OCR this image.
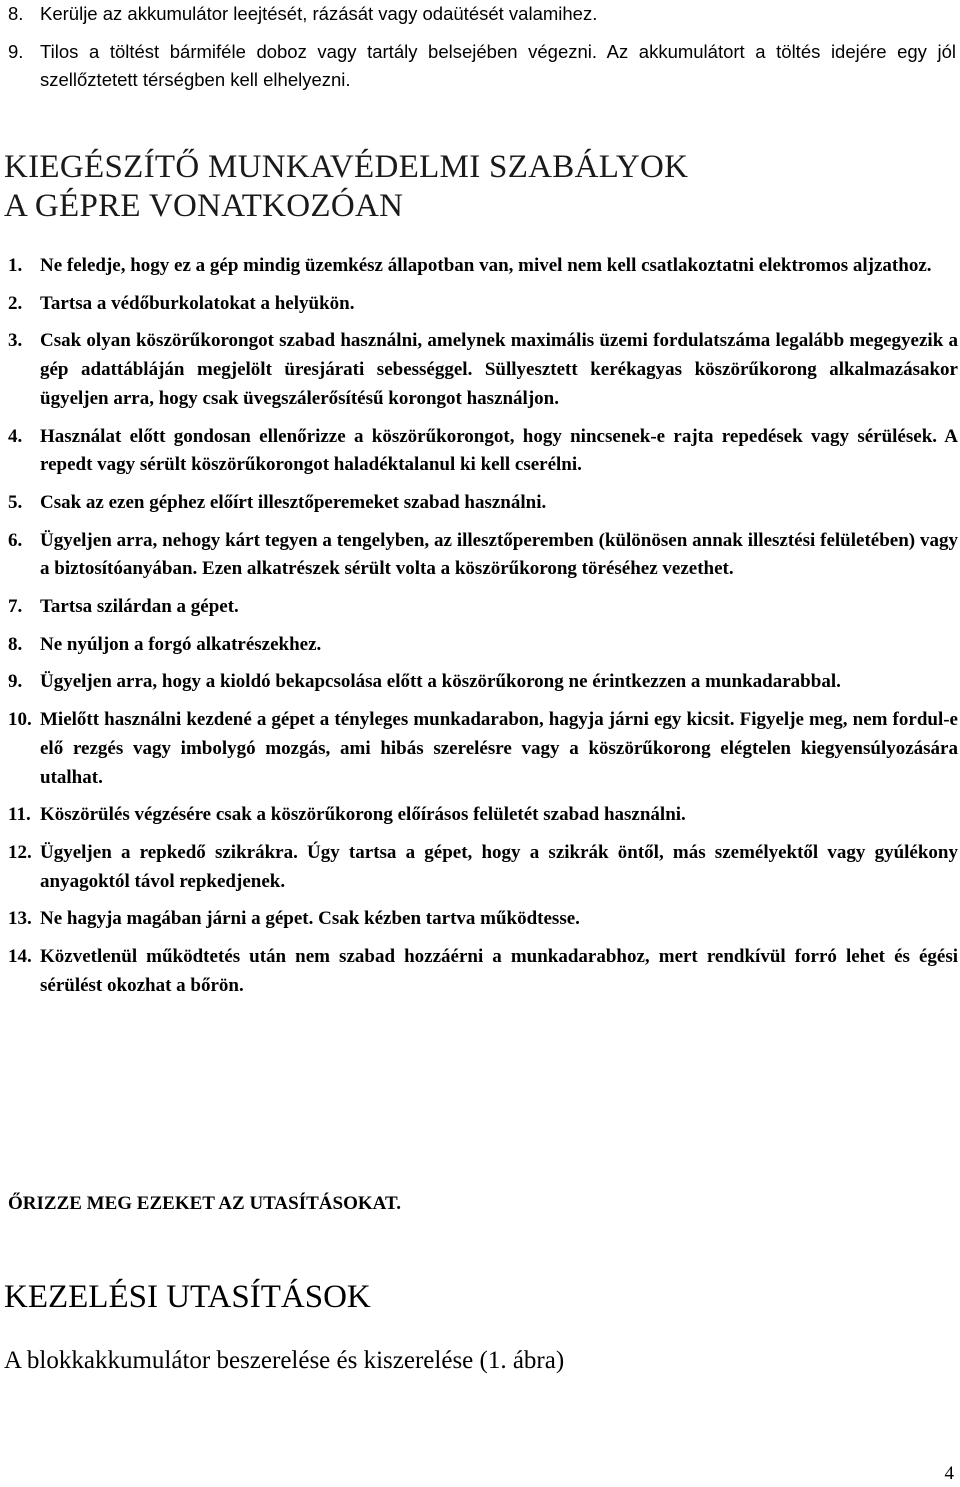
8. Kerülje az akkumulátor leejtését, rázását vagy odaütését valamihez.
9. Tilos a töltést bármiféle doboz vagy tartály belsejében végezni. Az akkumulátort a töltés idejére egy jól szellőztetett térségben kell elhelyezni.
KIEGÉSZÍTŐ MUNKAVÉDELMI SZABÁLYOK
A GÉPRE VONATKOZÓAN
1. Ne feledje, hogy ez a gép mindig üzemkész állapotban van, mivel nem kell csatlakoztatni elektromos aljzathoz.
2. Tartsa a védőburkolatokat a helyükön.
3. Csak olyan köszörűkorongot szabad használni, amelynek maximális üzemi fordulatszáma legalább megegyezik a gép adattábláján megjelölt üresjárati sebességgel. Süllyesztett kerékagyas köszörűkorong alkalmazásakor ügyeljen arra, hogy csak üvegszálerősítésű korongot használjon.
4. Használat előtt gondosan ellenőrizze a köszörűkorongot, hogy nincsenek-e rajta repedések vagy sérülések. A repedt vagy sérült köszörűkorongot haladéktalanul ki kell cserélni.
5. Csak az ezen géphez előírt illesztőperemeket szabad használni.
6. Ügyeljen arra, nehogy kárt tegyen a tengelyben, az illesztőperemben (különösen annak illesztési felületében) vagy a biztosítóanyában. Ezen alkatrészek sérült volta a köszörűkorong töréséhez vezethet.
7. Tartsa szilárdan a gépet.
8. Ne nyúljon a forgó alkatrészekhez.
9. Ügyeljen arra, hogy a kioldó bekapcsolása előtt a köszörűkorong ne érintkezzen a munkadarabbal.
10. Mielőtt használni kezdené a gépet a tényleges munkadarabon, hagyja járni egy kicsit. Figyelje meg, nem fordul-e elő rezgés vagy imbolygó mozgás, ami hibás szerelésre vagy a köszörűkorong elégtelen kiegyensúlyozására utalhat.
11. Köszörülés végzésére csak a köszörűkorong előírásos felületét szabad használni.
12. Ügyeljen a repkedő szikrákra. Úgy tartsa a gépet, hogy a szikrák öntől, más személyektől vagy gyúlékony anyagoktól távol repkedjenek.
13. Ne hagyja magában járni a gépet. Csak kézben tartva működtesse.
14. Közvetlenül működtetés után nem szabad hozzáérni a munkadarabhoz, mert rendkívül forró lehet és égési sérülést okozhat a bőrön.
ŐRIZZE MEG EZEKET AZ UTASÍTÁSOKAT.
KEZELÉSI UTASÍTÁSOK
A blokkakkumulátor beszerelése és kiszerelése (1. ábra)
4
